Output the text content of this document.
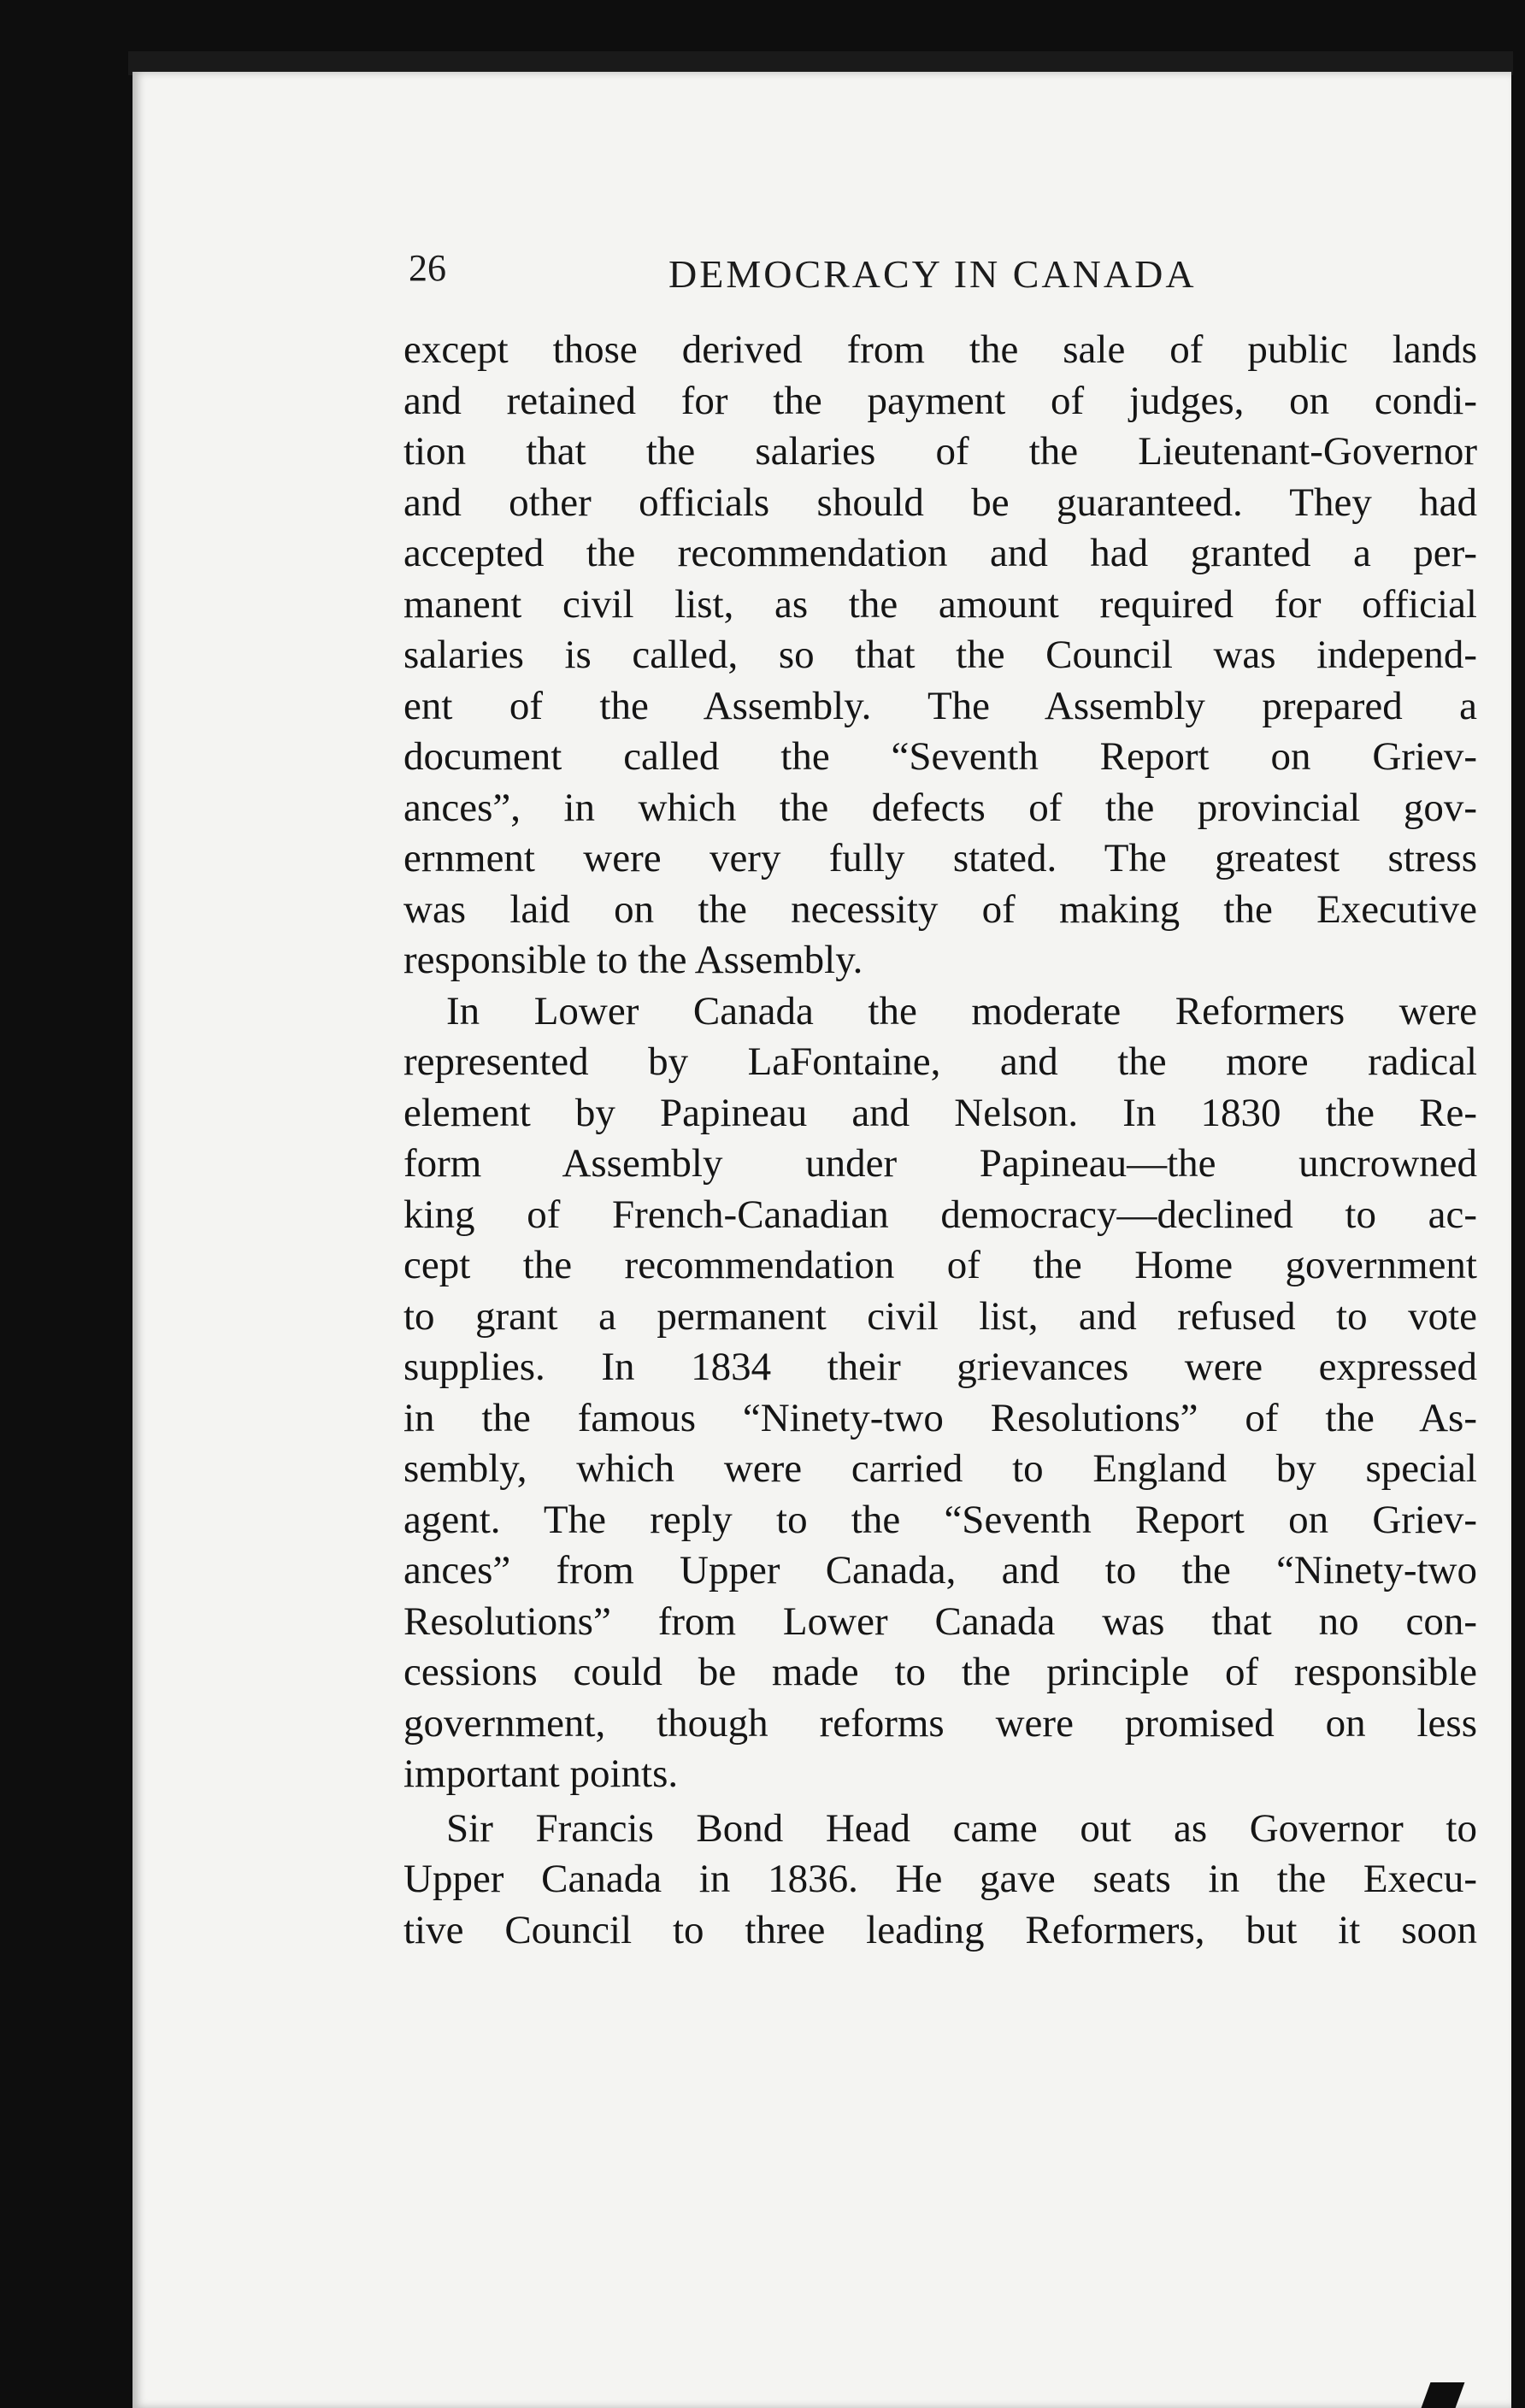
26	DEMOCRACY IN CANADA
except those derived from the sale of public lands
and retained for the payment of judges, on condi-
tion that the salaries of the Lieutenant-Governor
and other officials should be guaranteed. They had
accepted the recommendation and had granted a per-
manent civil list, as the amount required for official
salaries is called, so that the Council was independ-
ent of the Assembly. The Assembly prepared a
document called the “Seventh Report on Griev-
ances”, in which the defects of the provincial gov-
ernment were very fully stated. The greatest stress
was laid on the necessity of making the Executive
responsible to the Assembly.
In Lower Canada the moderate Reformers were
represented by LaFontaine, and the more radical
element by Papineau and Nelson. In 1830 the Re-
form Assembly under Papineau—the uncrowned
king of French-Canadian democracy—declined to ac-
cept the recommendation of the Home government
to grant a permanent civil list, and refused to vote
supplies. In 1834 their grievances were expressed
in the famous “Ninety-two Resolutions” of the As-
sembly, which were carried to England by special
agent. The reply to the “Seventh Report on Griev-
ances” from Upper Canada, and to the “Ninety-two
Resolutions” from Lower Canada was that no con-
cessions could be made to the principle of responsible
government, though reforms were promised on less
important points.
Sir Francis Bond Head came out as Governor to
Upper Canada in 1836. He gave seats in the Execu-
tive Council to three leading Reformers, but it soon
